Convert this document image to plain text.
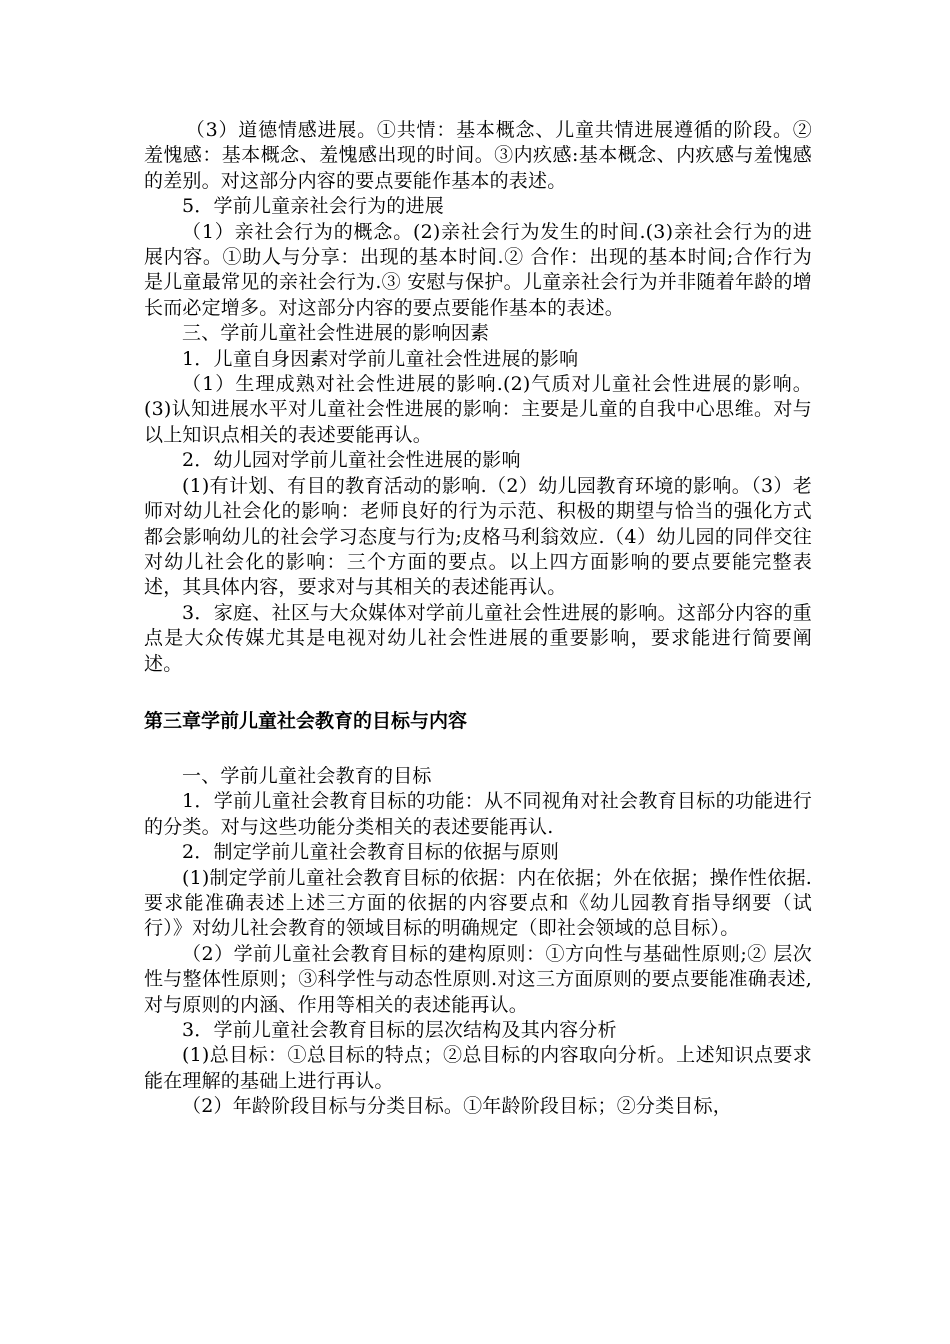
（3）道德情感进展。①共情：基本概念、儿童共情进展遵循的阶段。②羞愧感：基本概念、羞愧感出现的时间。③内疚感:基本概念、内疚感与羞愧感的差别。对这部分内容的要点要能作基本的表述。

5．学前儿童亲社会行为的进展

（1）亲社会行为的概念。(2)亲社会行为发生的时间.(3)亲社会行为的进展内容。①助人与分享：出现的基本时间.② 合作：出现的基本时间;合作行为是儿童最常见的亲社会行为.③ 安慰与保护。儿童亲社会行为并非随着年龄的增长而必定增多。对这部分内容的要点要能作基本的表述。

三、学前儿童社会性进展的影响因素

1．儿童自身因素对学前儿童社会性进展的影响

（1）生理成熟对社会性进展的影响.(2)气质对儿童社会性进展的影响。(3)认知进展水平对儿童社会性进展的影响：主要是儿童的自我中心思维。对与以上知识点相关的表述要能再认。

2．幼儿园对学前儿童社会性进展的影响

(1)有计划、有目的教育活动的影响.（2）幼儿园教育环境的影响。（3）老师对幼儿社会化的影响：老师良好的行为示范、积极的期望与恰当的强化方式都会影响幼儿的社会学习态度与行为;皮格马利翁效应.（4）幼儿园的同伴交往对幼儿社会化的影响：三个方面的要点。以上四方面影响的要点要能完整表述，其具体内容，要求对与其相关的表述能再认。

3．家庭、社区与大众媒体对学前儿童社会性进展的影响。这部分内容的重点是大众传媒尤其是电视对幼儿社会性进展的重要影响，要求能进行简要阐述。

第三章学前儿童社会教育的目标与内容

一、学前儿童社会教育的目标

1．学前儿童社会教育目标的功能：从不同视角对社会教育目标的功能进行的分类。对与这些功能分类相关的表述要能再认.

2．制定学前儿童社会教育目标的依据与原则

(1)制定学前儿童社会教育目标的依据：内在依据；外在依据；操作性依据.要求能准确表述上述三方面的依据的内容要点和《幼儿园教育指导纲要（试行）》对幼儿社会教育的领域目标的明确规定（即社会领域的总目标）。

（2）学前儿童社会教育目标的建构原则：①方向性与基础性原则;② 层次性与整体性原则；③科学性与动态性原则.对这三方面原则的要点要能准确表述,对与原则的内涵、作用等相关的表述能再认。

3．学前儿童社会教育目标的层次结构及其内容分析

(1)总目标：①总目标的特点；②总目标的内容取向分析。上述知识点要求能在理解的基础上进行再认。

（2）年龄阶段目标与分类目标。①年龄阶段目标；②分类目标，
